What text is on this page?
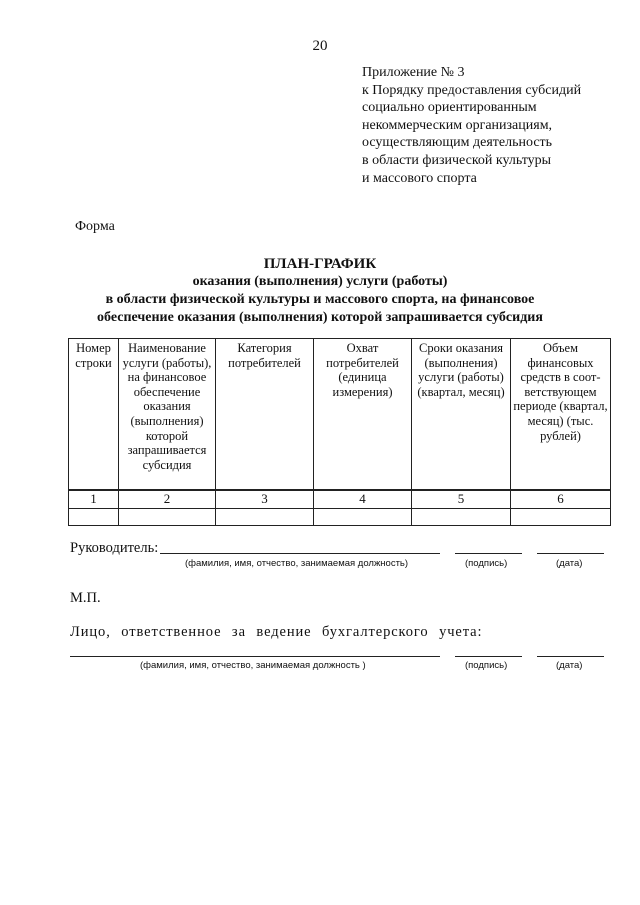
20
Приложение № 3
к Порядку предоставления субсидий
социально ориентированным
некоммерческим организациям,
осуществляющим деятельность
в области физической культуры
и массового спорта
Форма
ПЛАН-ГРАФИК
оказания (выполнения) услуги (работы)
в области физической культуры и массового спорта, на финансовое
обеспечение оказания (выполнения) которой запрашивается субсидия
Номер строки	Наименование услуги (работы), на финансовое обеспечение оказания (выполнения) которой запрашивается субсидия	Категория потребителей	Охват потребителей (единица измерения)	Сроки оказания (выполнения) услуги (работы) (квартал, месяц)	Объем финансовых средств в соот-ветствующем периоде (квартал, месяц) (тыс. рублей)

1	2	3	4	5	6

Руководитель:
(фамилия, имя, отчество, занимаемая должность)	(подпись)	(дата)
М.П.
Лицо, ответственное за ведение бухгалтерского учета:
(фамилия, имя, отчество, занимаемая должность )	(подпись)	(дата)
